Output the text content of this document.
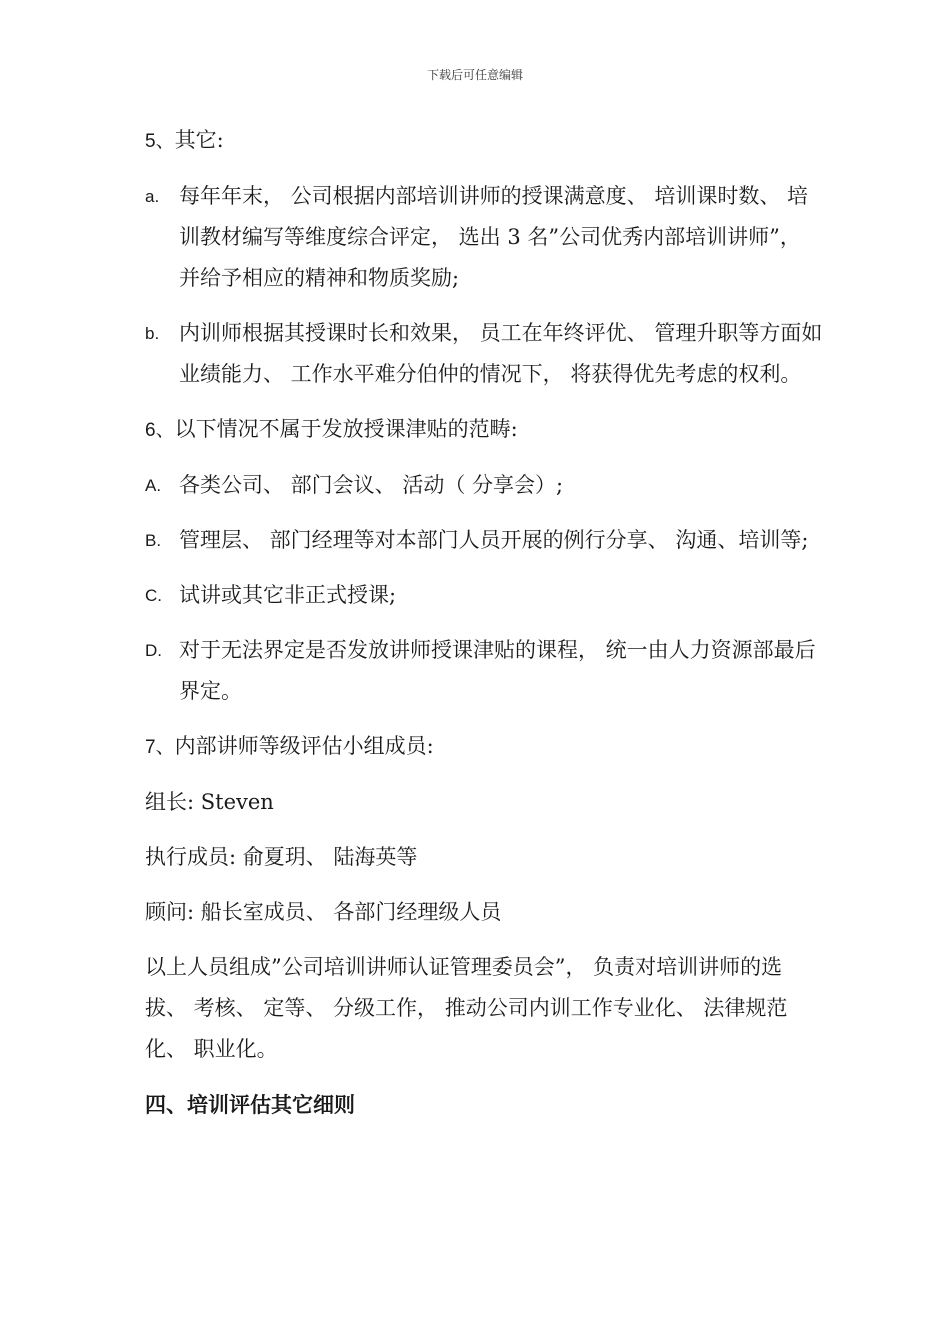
下载后可任意编辑
5、其它:
a. 每年年末， 公司根据内部培训讲师的授课满意度、 培训课时数、 培训教材编写等维度综合评定， 选出 3 名”公司优秀内部培训讲师”， 并给予相应的精神和物质奖励;
b. 内训师根据其授课时长和效果， 员工在年终评优、 管理升职等方面如业绩能力、 工作水平难分伯仲的情况下， 将获得优先考虑的权利。
6、以下情况不属于发放授课津贴的范畴:
A. 各类公司、 部门会议、 活动（ 分享会）;
B. 管理层、 部门经理等对本部门人员开展的例行分享、 沟通、培训等;
C. 试讲或其它非正式授课;
D. 对于无法界定是否发放讲师授课津贴的课程， 统一由人力资源部最后界定。
7、内部讲师等级评估小组成员:
组长: Steven
执行成员: 俞夏玥、 陆海英等
顾问: 船长室成员、 各部门经理级人员
以上人员组成”公司培训讲师认证管理委员会”， 负责对培训讲师的选拔、 考核、 定等、 分级工作， 推动公司内训工作专业化、 法律规范化、 职业化。
四、培训评估其它细则
